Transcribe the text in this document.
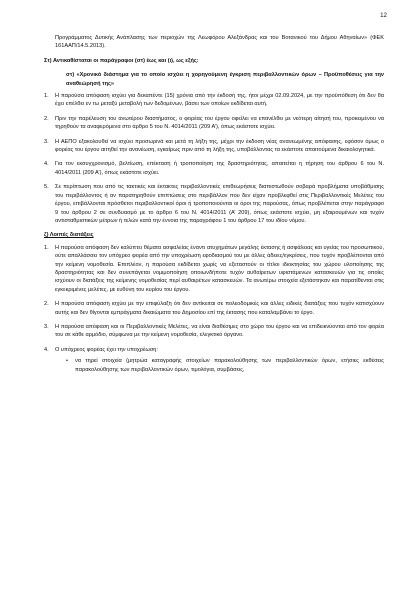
12

Προγράμματος Δυτικής Ανάπλασης των περιοχών της Λεωφόρου Αλεξάνδρας και του Βοτανικού του Δήμου Αθηναίων» (ΦΕΚ 161ΑΑΠ/14.5.2013).

Στ) Αντικαθίσταται οι παράγραφοι (στ) έως και (ι), ως εξής:

στ) «Χρονικό διάστημα για το οποίο ισχύει η χορηγούμενη έγκριση περιβαλλοντικών όρων – Προϋποθέσεις για την αναθεώρησή της»

1. Η παρούσα απόφαση ισχύει για δεκαπέντε (15) χρόνια από την έκδοσή της, ήτοι μέχρι 02.09.2024, με την προϋπόθεση ότι δεν θα έχει επέλθει εν τω μεταξύ μεταβολή των δεδομένων, βάσει των οποίων εκδίδεται αυτή.
2. Πριν την παρέλευση του ανωτέρου διαστήματος, ο φορέας του έργου οφείλει να επανέλθει με νεότερη αίτησή του, προκειμένου να τηρηθούν τα αναφερόμενα στο άρθρο 5 του Ν. 4014/2011 (209 Α’), όπως εκάστοτε ισχύει.
3. Η ΑΕΠΟ εξακολουθεί να ισχύει προσωρινά και μετά τη λήξη της, μέχρι την έκδοση νέας ανανεωμένης απόφασης, εφόσον όμως ο φορέας του έργου αιτηθεί την ανανέωση, εγκαίρως πριν από τη λήξη της, υποβάλλοντας τα εκάστοτε απαιτούμενα δικαιολογητικά.
4. Για τον εκσυγχρονισμό, βελτίωση, επέκταση ή τροποποίηση της δραστηριότητας, απαιτείται η τήρηση του άρθρου 6 του Ν. 4014/2011 (209 Α’), όπως εκάστοτε ισχύει.
5. Σε περίπτωση που από τις τακτικές και έκτακτες περιβαλλοντικές επιθεωρήσεις διαπιστωθούν σοβαρά προβλήματα υποβάθμισης του περιβάλλοντος ή αν παρατηρηθούν επιπτώσεις στο περιβάλλον που δεν είχαν προβλεφθεί στις Περιβαλλοντικές Μελέτες του έργου, επιβάλλονται πρόσθετοι περιβαλλοντικοί όροι ή τροποποιούνται οι όροι της παρούσας, όπως προβλέπεται στην παράγραφο 9 του άρθρου 2 σε συνδυασμό με το άρθρο 6 του Ν. 4014/2011 (Α’ 209), όπως εκάστοτε ισχύει, μη εξαιρουμένων και τυχόν αντισταθμιστικών μέτρων ή τελών κατά την έννοια της παραγράφου 1 του άρθρου 17 του ιδίου νόμου.

ζ) Λοιπές διατάξεις

1. Η παρούσα απόφαση δεν καλύπτει θέματα ασφαλείας έναντι ατυχημάτων μεγάλης έκτασης ή ασφάλειας και υγείας του προσωπικού, ούτε απαλλάσσει τον υπόχρεο φορέα από την υποχρέωση εφοδιασμού του με άλλες άδειες/εγκρίσεις, που τυχόν προβλέπονται από την κείμενη νομοθεσία. Επιπλέον, η παρούσα εκδίδεται χωρίς να εξεταστούν οι τίτλοι ιδιοκτησίας του χώρου υλοποίησης της δραστηριότητας και δεν συνεπάγεται νομιμοποίηση οποιωνδήποτε τυχόν αυθαίρετων υφιστάμενων κατασκευών για τις οποίες ισχύουν οι διατάξεις της κείμενης νομοθεσίας περί αυθαιρέτων κατασκευών. Τα ανωτέρω στοιχεία εξετάστηκαν και παρατίθενται στις εγκεκριμένες μελέτες, με ευθύνη του κυρίου του έργου.
2. Η παρούσα απόφαση ισχύει με την επιφύλαξη ότι δεν αντίκειται σε πολεοδομικές και άλλες ειδικές διατάξεις που τυχόν κατισχύουν αυτής και δεν θίγονται εμπράγματα δικαιώματα του Δημοσίου επί της έκτασης που καταλαμβάνει το έργο.
3. Η παρούσα απόφαση και οι Περιβαλλοντικές Μελέτες, να είναι διαθέσιμες στο χώρο του έργου και να επιδεικνύονται από τον φορέα του σε κάθε αρμόδιο, σύμφωνα με την κείμενη νομοθεσία, ελεγκτικό όργανο.
4. Ο υπόχρεος φορέας έχει την υποχρέωση:
• να τηρεί στοιχεία (μητρώα καταγραφής στοιχείων παρακολούθησης των περιβαλλοντικών όρων, ετήσιες εκθέσεις παρακολούθησης των περιβαλλοντικών όρων, τιμολόγια, συμβάσεις,
